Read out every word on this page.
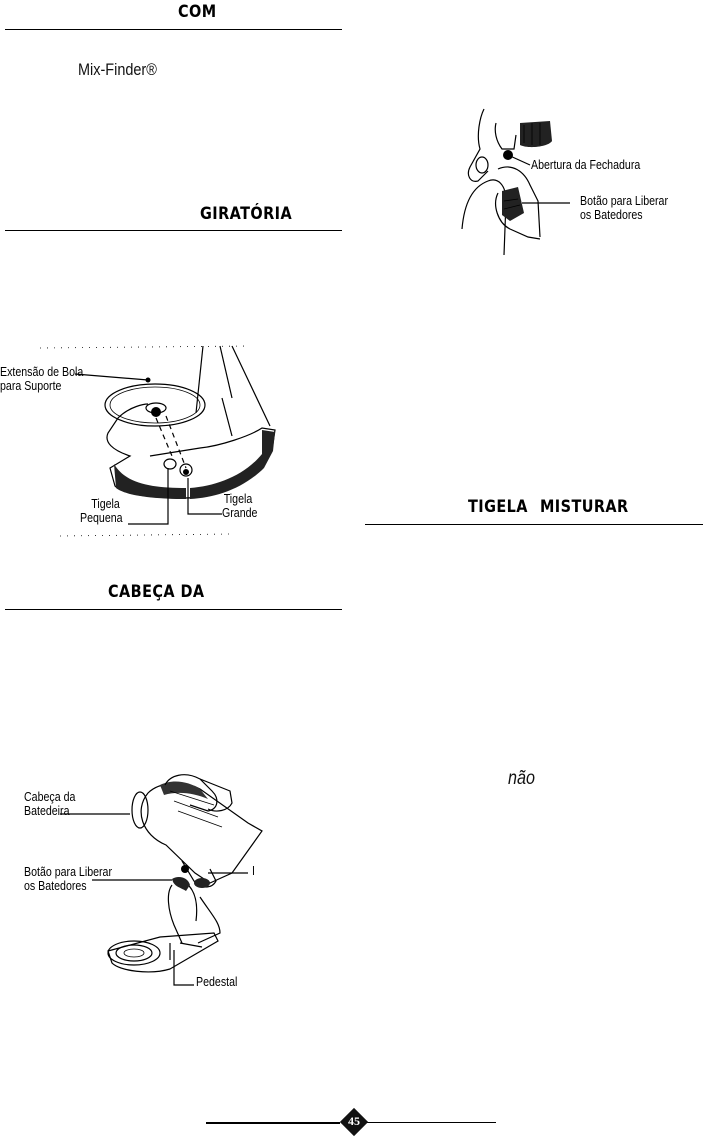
COM
Mix-Finder®
GIRATÓRIA
Extensão de Bola
para Suporte
Tigela
Pequena
Tigela
Grande
CABEÇA DA
Cabeça da
Batedeira
Botão para Liberar
os Batedores
I
Pedestal
Abertura da Fechadura
Botão para Liberar
os Batedores
TIGELA MISTURAR
não
45
